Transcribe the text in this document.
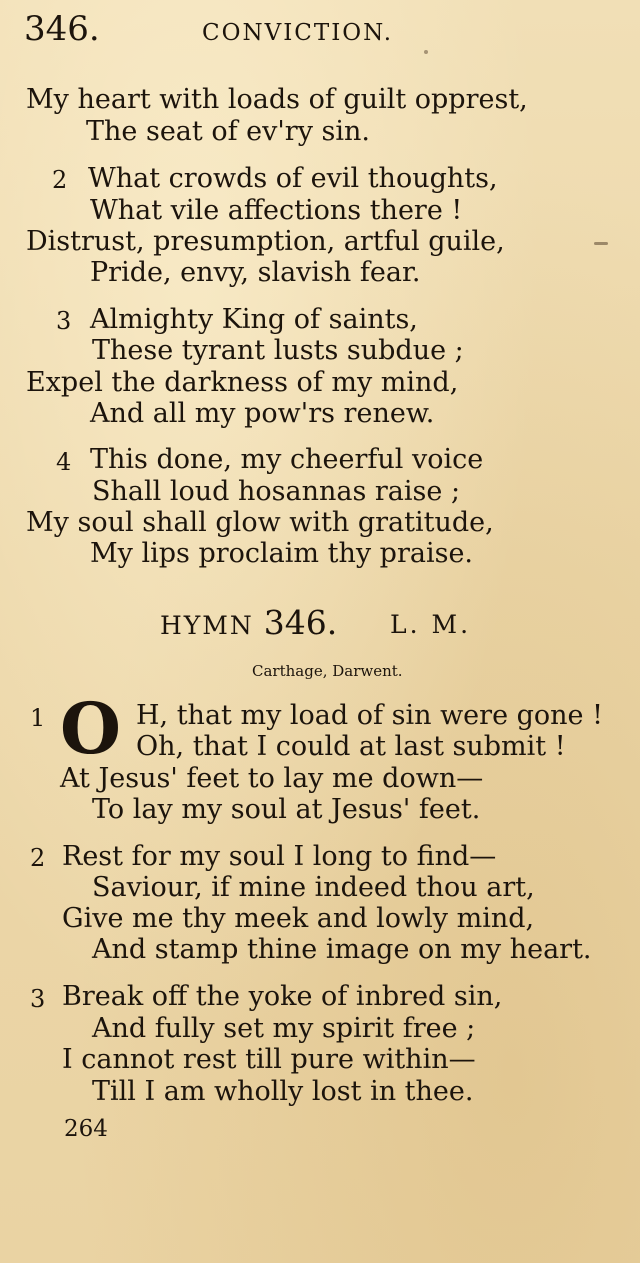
346.	CONVICTION.
My heart with loads of guilt opprest,
The seat of ev'ry sin.
2 What crowds of evil thoughts,
What vile affections there !
Distrust, presumption, artful guile,
Pride, envy, slavish fear.
3 Almighty King of saints,
These tyrant lusts subdue ;
Expel the darkness of my mind,
And all my pow'rs renew.
4 This done, my cheerful voice
Shall loud hosannas raise ;
My soul shall glow with gratitude,
My lips proclaim thy praise.
HYMN 346. L. M.
Carthage, Darwent.
1 O H, that my load of sin were gone !
Oh, that I could at last submit !
At Jesus' feet to lay me down—
To lay my soul at Jesus' feet.
2 Rest for my soul I long to find—
Saviour, if mine indeed thou art,
Give me thy meek and lowly mind,
And stamp thine image on my heart.
3 Break off the yoke of inbred sin,
And fully set my spirit free ;
I cannot rest till pure within—
Till I am wholly lost in thee.
264
